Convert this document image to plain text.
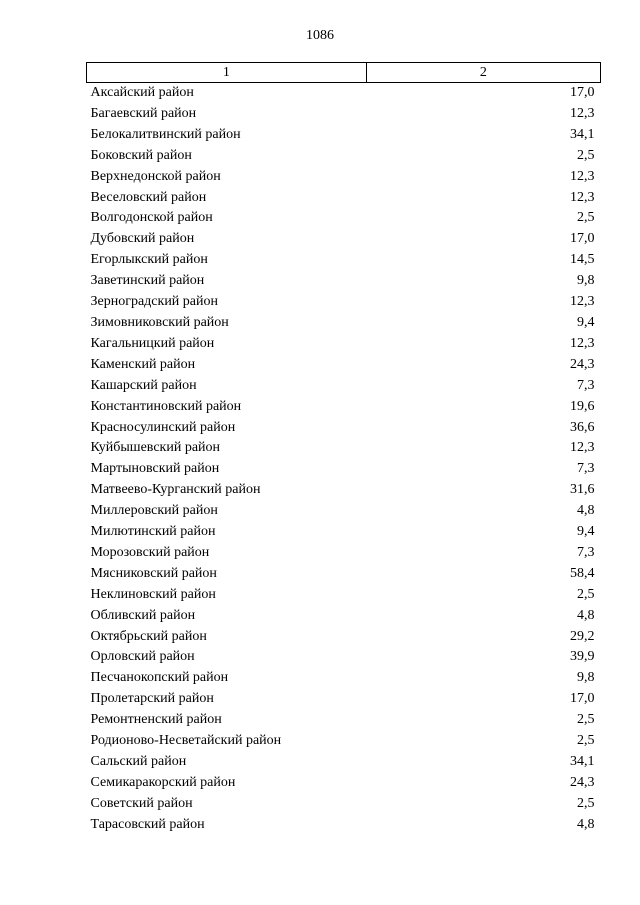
1086
1	2
Аксайский район	17,0
Багаевский район	12,3
Белокалитвинский район	34,1
Боковский район	2,5
Верхнедонской район	12,3
Веселовский район	12,3
Волгодонской район	2,5
Дубовский район	17,0
Егорлыкский район	14,5
Заветинский район	9,8
Зерноградский район	12,3
Зимовниковский район	9,4
Кагальницкий район	12,3
Каменский район	24,3
Кашарский район	7,3
Константиновский район	19,6
Красносулинский район	36,6
Куйбышевский район	12,3
Мартыновский район	7,3
Матвеево-Курганский район	31,6
Миллеровский район	4,8
Милютинский район	9,4
Морозовский район	7,3
Мясниковский район	58,4
Неклиновский район	2,5
Обливский район	4,8
Октябрьский район	29,2
Орловский район	39,9
Песчанокопский район	9,8
Пролетарский район	17,0
Ремонтненский район	2,5
Родионово-Несветайский район	2,5
Сальский район	34,1
Семикаракорский район	24,3
Советский район	2,5
Тарасовский район	4,8
